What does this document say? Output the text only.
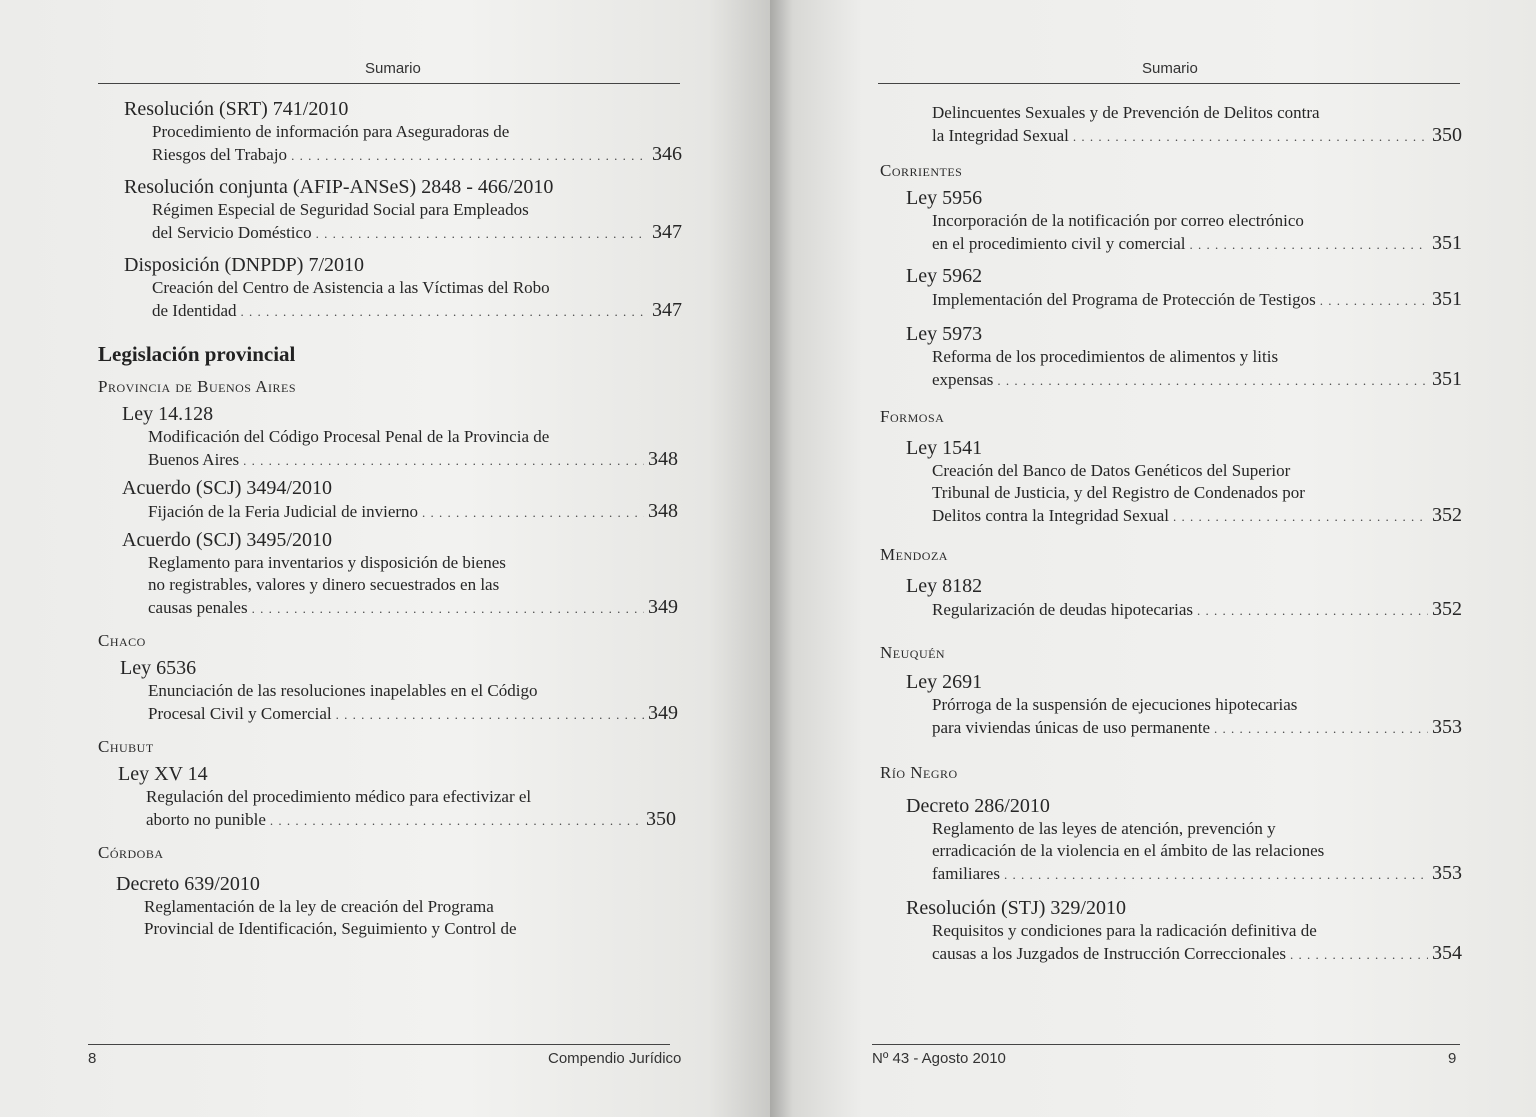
Sumario

Resolución (SRT) 741/2010

Procedimiento de información para Aseguradoras de

Riesgos del Trabajo . . .	346

Resolución conjunta (AFIP-ANSeS) 2848 - 466/2010

Régimen Especial de Seguridad Social para Empleados

del Servicio Doméstico . . .	347

Disposición (DNPDP) 7/2010

Creación del Centro de Asistencia a las Víctimas del Robo

de Identidad . . .	347

Legislación provincial

Provincia de Buenos Aires

Ley 14.128

Modificación del Código Procesal Penal de la Provincia de

Buenos Aires . . .	348

Acuerdo (SCJ) 3494/2010

Fijación de la Feria Judicial de invierno . . .	348

Acuerdo (SCJ) 3495/2010

Reglamento para inventarios y disposición de bienes

no registrables, valores y dinero secuestrados en las

causas penales . . .	349

Chaco

Ley 6536

Enunciación de las resoluciones inapelables en el Código

Procesal Civil y Comercial . . .	349

Chubut

Ley XV 14

Regulación del procedimiento médico para efectivizar el

aborto no punible . . .	350

Córdoba

Decreto 639/2010

Reglamentación de la ley de creación del Programa

Provincial de Identificación, Seguimiento y Control de

8	Compendio Jurídico
Sumario

Delincuentes Sexuales y de Prevención de Delitos contra

la Integridad Sexual . . .	350

Corrientes

Ley 5956

Incorporación de la notificación por correo electrónico

en el procedimiento civil y comercial . . .	351

Ley 5962

Implementación del Programa de Protección de Testigos . . .	351

Ley 5973

Reforma de los procedimientos de alimentos y litis

expensas . . .	351

Formosa

Ley 1541

Creación del Banco de Datos Genéticos del Superior

Tribunal de Justicia, y del Registro de Condenados por

Delitos contra la Integridad Sexual . . .	352

Mendoza

Ley 8182

Regularización de deudas hipotecarias . . .	352

Neuquén

Ley 2691

Prórroga de la suspensión de ejecuciones hipotecarias

para viviendas únicas de uso permanente . . .	353

Río Negro

Decreto 286/2010

Reglamento de las leyes de atención, prevención y

erradicación de la violencia en el ámbito de las relaciones

familiares . . .	353

Resolución (STJ) 329/2010

Requisitos y condiciones para la radicación definitiva de

causas a los Juzgados de Instrucción Correccionales . . .	354
Nº 43 - Agosto 2010	9
